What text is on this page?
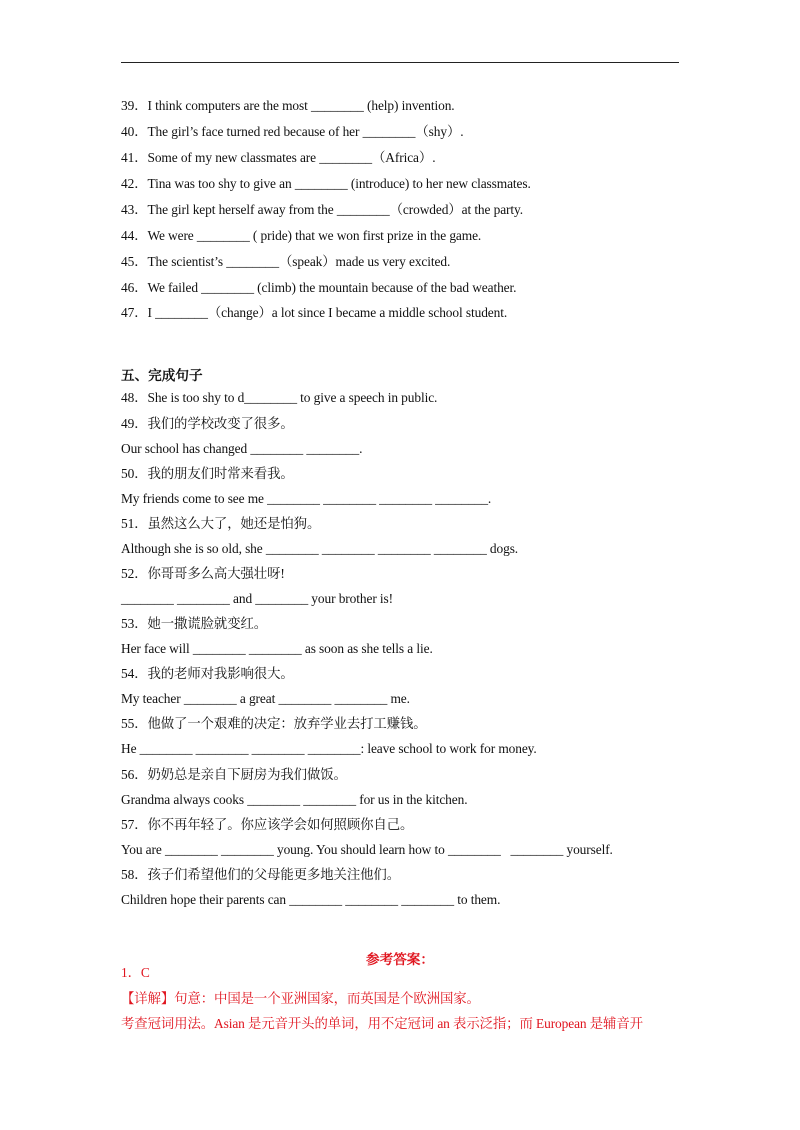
39．I think computers are the most ________ (help) invention.
40．The girl’s face turned red because of her ________（shy）.
41．Some of my new classmates are ________（Africa）.
42．Tina was too shy to give an ________ (introduce) to her new classmates.
43．The girl kept herself away from the ________（crowded）at the party.
44．We were ________ ( pride) that we won first prize in the game.
45．The scientist’s ________（speak）made us very excited.
46．We failed ________ (climb) the mountain because of the bad weather.
47．I ________（change）a lot since I became a middle school student.
五、完成句子
48．She is too shy to d________ to give a speech in public.
49．我们的学校改变了很多。
Our school has changed ________ ________.
50．我的朋友们时常来看我。
My friends come to see me ________ ________ ________ ________.
51．虽然这么大了，她还是怕狗。
Although she is so old, she ________ ________ ________ ________ dogs.
52．你哥哥多么高大强壮呀!
________ ________ and ________ your brother is!
53．她一撒谎脸就变红。
Her face will ________ ________ as soon as she tells a lie.
54．我的老师对我影响很大。
My teacher ________ a great ________ ________ me.
55．他做了一个艰难的决定：放弃学业去打工赚钱。
He ________ ________ ________ ________: leave school to work for money.
56．奶奶总是亲自下厨房为我们做饭。
Grandma always cooks ________ ________ for us in the kitchen.
57．你不再年轻了。你应该学会如何照顾你自己。
You are ________ ________ young. You should learn how to ________   ________ yourself.
58．孩子们希望他们的父母能更多地关注他们。
Children hope their parents can ________ ________ ________ to them.
参考答案：
1．C
【详解】句意：中国是一个亚洲国家，而英国是个欧洲国家。
考查冠词用法。Asian 是元音开头的单词，用不定冠词 an 表示泛指；而 European 是辅音开
